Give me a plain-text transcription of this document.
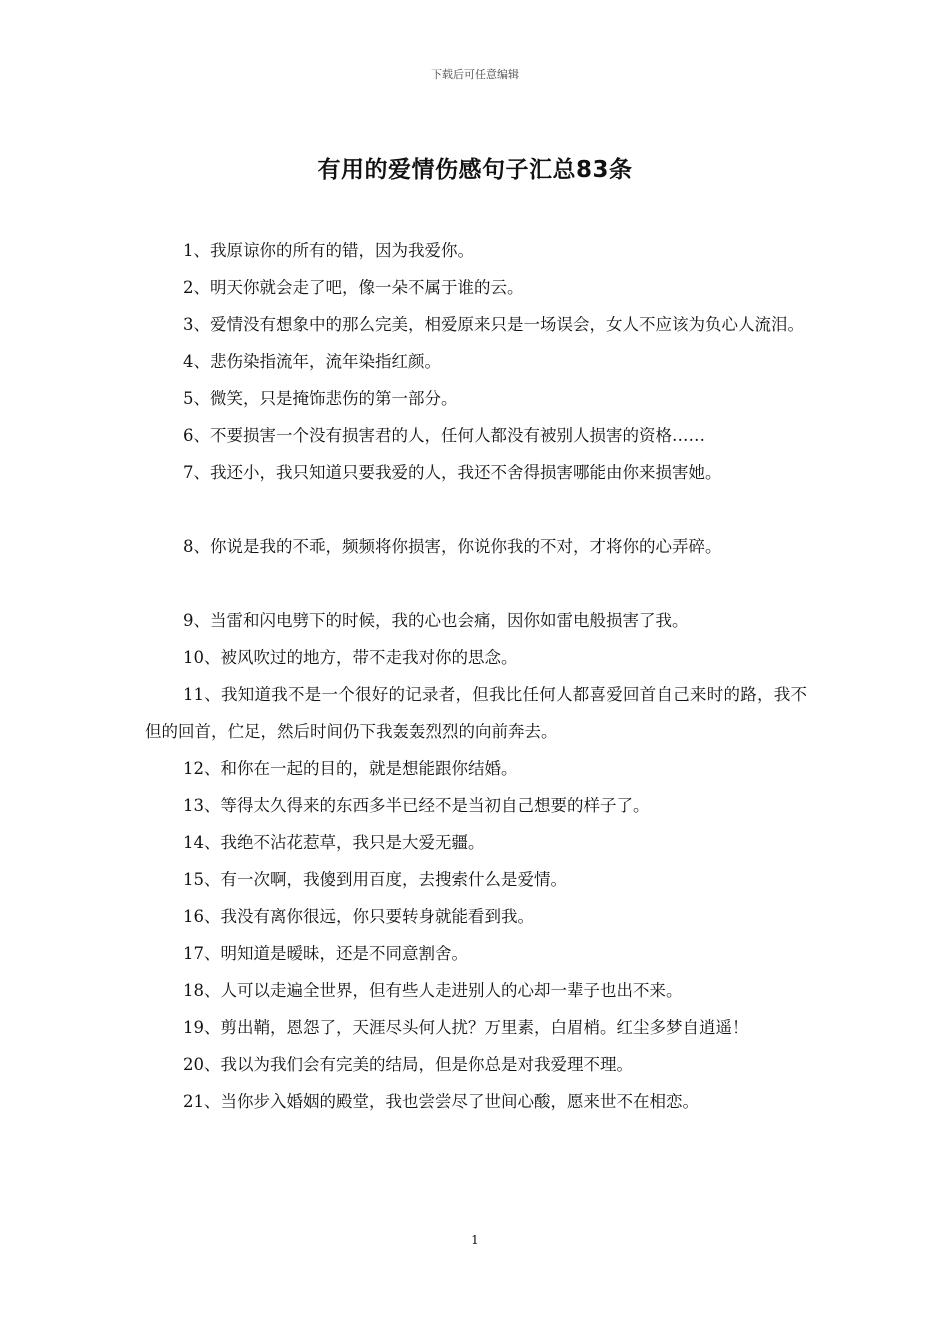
下载后可任意编辑
有用的爱情伤感句子汇总83条

1、我原谅你的所有的错，因为我爱你。

2、明天你就会走了吧，像一朵不属于谁的云。

3、爱情没有想象中的那么完美，相爱原来只是一场误会，女人不应该为负心人流泪。

4、悲伤染指流年，流年染指红颜。

5、微笑，只是掩饰悲伤的第一部分。

6、不要损害一个没有损害君的人，任何人都没有被别人损害的资格……

7、我还小，我只知道只要我爱的人，我还不舍得损害哪能由你来损害她。

8、你说是我的不乖，频频将你损害，你说你我的不对，才将你的心弄碎。

9、当雷和闪电劈下的时候，我的心也会痛，因你如雷电般损害了我。

10、被风吹过的地方，带不走我对你的思念。

11、我知道我不是一个很好的记录者，但我比任何人都喜爱回首自己来时的路，我不但的回首，伫足，然后时间仍下我轰轰烈烈的向前奔去。

12、和你在一起的目的，就是想能跟你结婚。

13、等得太久得来的东西多半已经不是当初自己想要的样子了。

14、我绝不沾花惹草，我只是大爱无疆。

15、有一次啊，我傻到用百度，去搜索什么是爱情。

16、我没有离你很远，你只要转身就能看到我。

17、明知道是暧昧，还是不同意割舍。

18、人可以走遍全世界，但有些人走进别人的心却一辈子也出不来。

19、剪出鞘，恩怨了，天涯尽头何人扰？万里素，白眉梢。红尘多梦自逍遥！

20、我以为我们会有完美的结局，但是你总是对我爱理不理。

21、当你步入婚姻的殿堂，我也尝尝尽了世间心酸，愿来世不在相恋。

1
